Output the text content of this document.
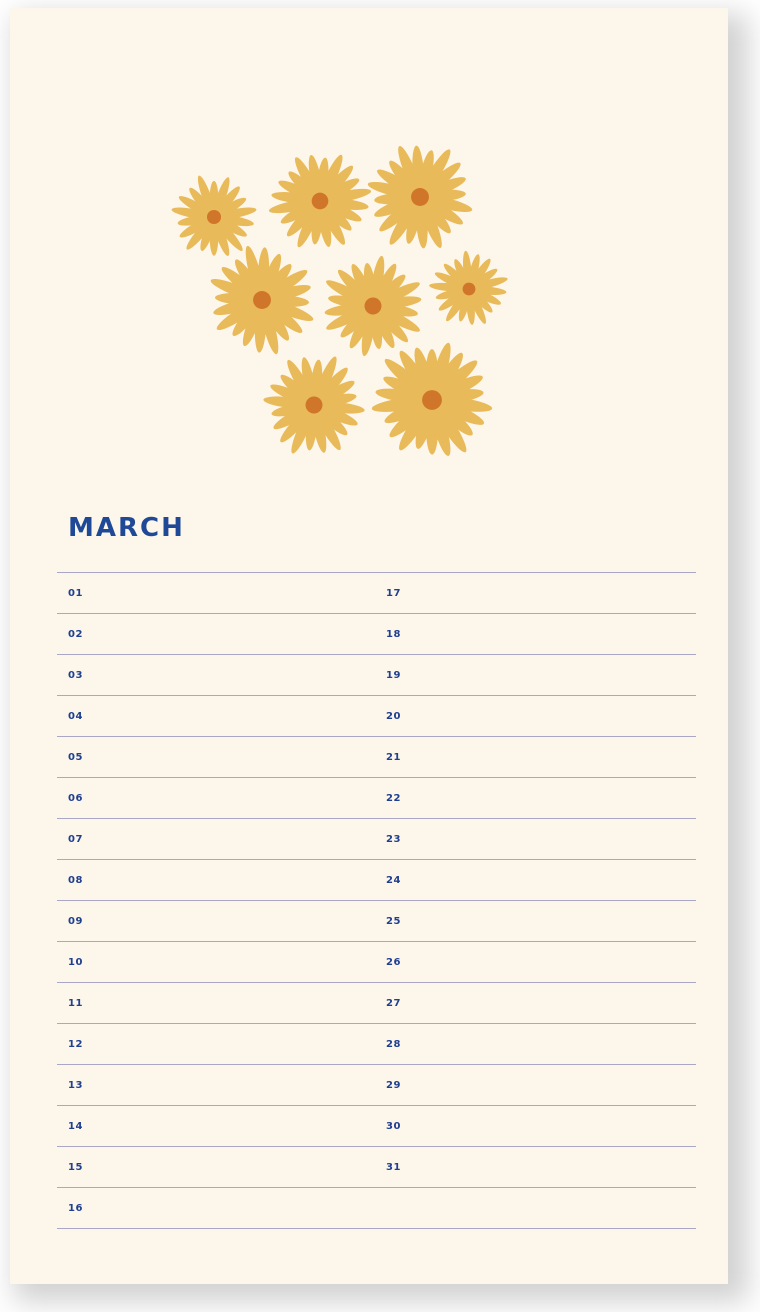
MARCH
01	17
02	18
03	19
04	20
05	21
06	22
07	23
08	24
09	25
10	26
11	27
12	28
13	29
14	30
15	31
16
